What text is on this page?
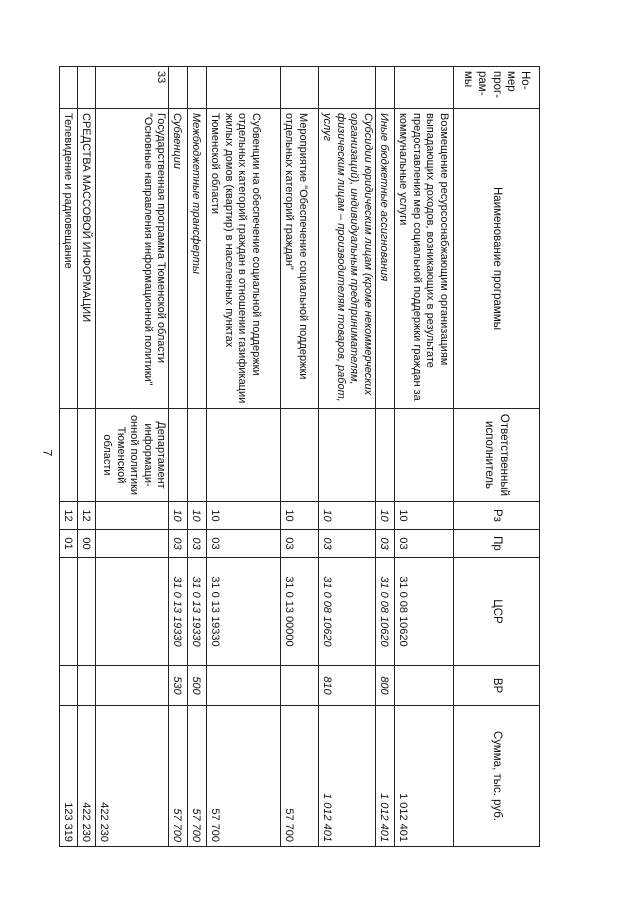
7
Но-мер прог-рам-мы	Наименование программы	Ответственный исполнитель	Рз	Пр	ЦСР	ВР	Сумма, тыс. руб.
	Возмещение ресурсоснабжающим организациям выпадающих доходов, возникающих в результате предоставления мер социальной поддержки граждан за коммунальные услуги		10	03	31 0 08 10620		1 012 401
	Иные бюджетные ассигнования		10	03	31 0 08 10620	800	1 012 401
	Субсидии юридическим лицам (кроме некоммерческих организаций), индивидуальным предпринимателям, физическим лицам – производителям товаров, работ, услуг		10	03	31 0 08 10620	810	1 012 401
	Мероприятие "Обеспечение социальной поддержки отдельных категорий граждан"		10	03	31 0 13 00000		57 700
	Субвенции на обеспечение социальной поддержки отдельных категорий граждан в отношении газификации жилых домов (квартир) в населенных пунктах Тюменской области		10	03	31 0 13 19330		57 700
	Межбюджетные трансферты		10	03	31 0 13 19330	500	57 700
	Субвенции		10	03	31 0 13 19330	530	57 700
33	Государственная программа Тюменской области "Основные направления информационной политики"	Департамент информаци-онной политики Тюменской области					422 230
	СРЕДСТВА МАССОВОЙ ИНФОРМАЦИИ		12	00			422 230
	Телевидение и радиовещание		12	01			123 319
